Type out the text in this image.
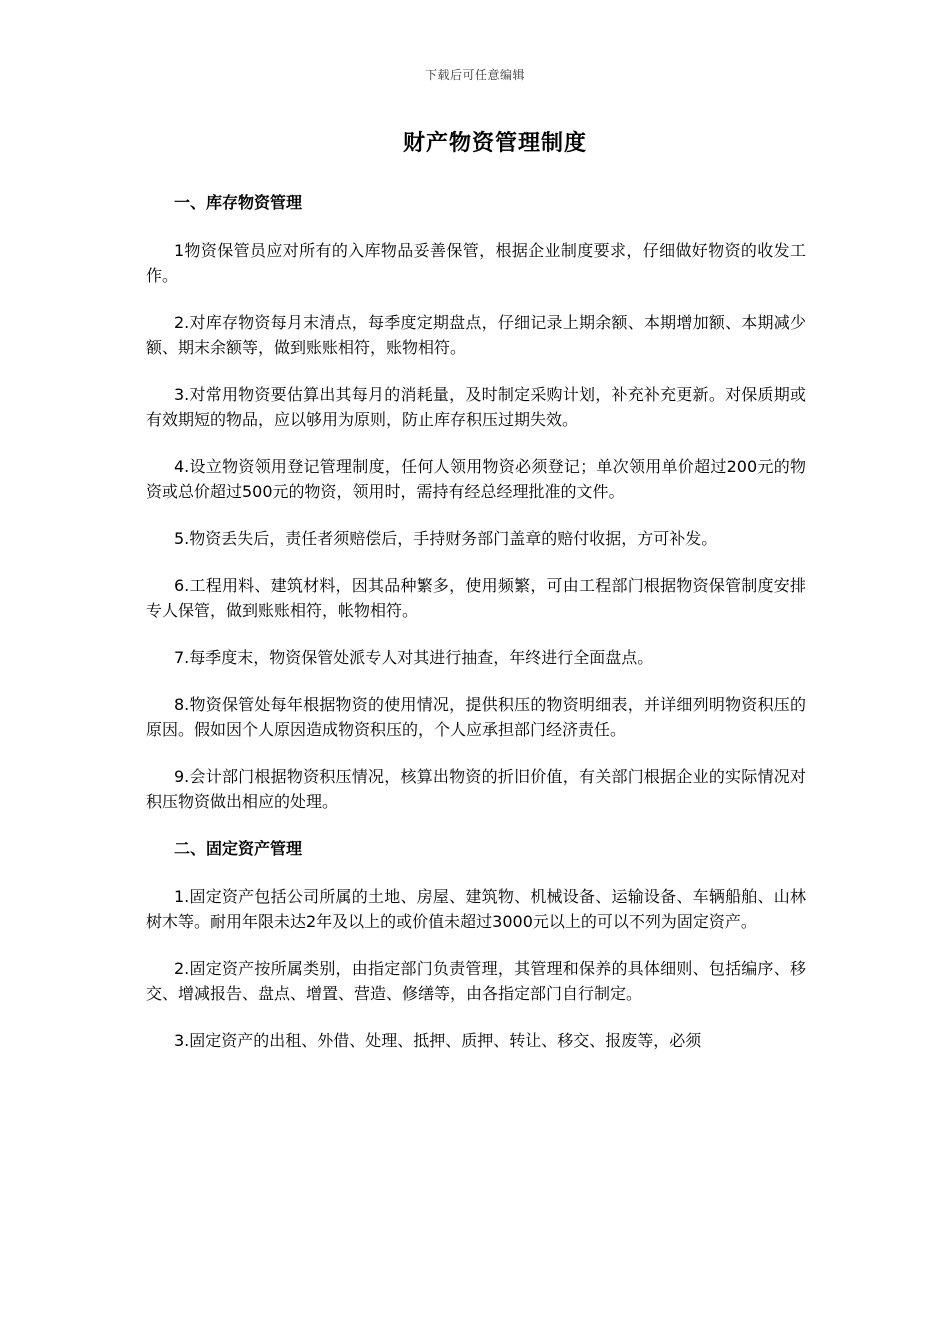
下载后可任意编辑
财产物资管理制度
一、库存物资管理

1物资保管员应对所有的入库物品妥善保管，根据企业制度要求，仔细做好物资的收发工作。

2.对库存物资每月末清点，每季度定期盘点，仔细记录上期余额、本期增加额、本期减少额、期末余额等，做到账账相符，账物相符。

3.对常用物资要估算出其每月的消耗量，及时制定采购计划，补充补充更新。对保质期或有效期短的物品，应以够用为原则，防止库存积压过期失效。

4.设立物资领用登记管理制度，任何人领用物资必须登记；单次领用单价超过200元的物资或总价超过500元的物资，领用时，需持有经总经理批准的文件。

5.物资丢失后，责任者须赔偿后，手持财务部门盖章的赔付收据，方可补发。

6.工程用料、建筑材料，因其品种繁多，使用频繁，可由工程部门根据物资保管制度安排专人保管，做到账账相符，帐物相符。

7.每季度末，物资保管处派专人对其进行抽查，年终进行全面盘点。

8.物资保管处每年根据物资的使用情况，提供积压的物资明细表，并详细列明物资积压的原因。假如因个人原因造成物资积压的，个人应承担部门经济责任。

9.会计部门根据物资积压情况，核算出物资的折旧价值，有关部门根据企业的实际情况对积压物资做出相应的处理。

二、固定资产管理

1.固定资产包括公司所属的土地、房屋、建筑物、机械设备、运输设备、车辆船舶、山林树木等。耐用年限未达2年及以上的或价值未超过3000元以上的可以不列为固定资产。

2.固定资产按所属类别，由指定部门负责管理，其管理和保养的具体细则、包括编序、移交、增减报告、盘点、增置、营造、修缮等，由各指定部门自行制定。

3.固定资产的出租、外借、处理、抵押、质押、转让、移交、报废等，必须
